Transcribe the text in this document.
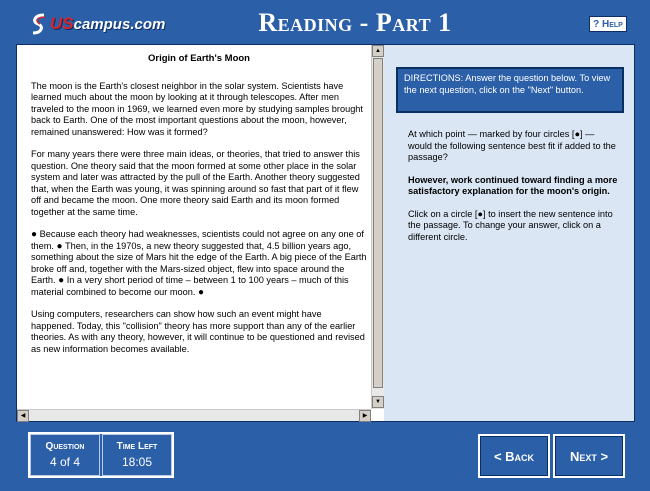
UScampus.com	Reading - Part 1	? Help
Origin of Earth's Moon

The moon is the Earth's closest neighbor in the solar system. Scientists have learned much about the moon by looking at it through telescopes. After men traveled to the moon in 1969, we learned even more by studying samples brought back to Earth. One of the most important questions about the moon, however, remained unanswered: How was it formed?

For many years there were three main ideas, or theories, that tried to answer this question. One theory said that the moon formed at some other place in the solar system and later was attracted by the pull of the Earth. Another theory suggested that, when the Earth was young, it was spinning around so fast that part of it flew off and became the moon. One more theory said Earth and its moon formed together at the same time.

● Because each theory had weaknesses, scientists could not agree on any one of them. ● Then, in the 1970s, a new theory suggested that, 4.5 billion years ago, something about the size of Mars hit the edge of the Earth. A big piece of the Earth broke off and, together with the Mars-sized object, flew into space around the Earth. ● In a very short period of time – between 1 to 100 years – much of this material combined to become our moon. ●

Using computers, researchers can show how such an event might have happened. Today, this "collision" theory has more support than any of the earlier theories. As with any theory, however, it will continue to be questioned and revised as new information becomes available.

▲
▼
◀	▶
DIRECTIONS: Answer the question below. To view the next question, click on the "Next" button.

At which point — marked by four circles [●] — would the following sentence best fit if added to the passage?

However, work continued toward finding a more satisfactory explanation for the moon's origin.

Click on a circle [●] to insert the new sentence into the passage. To change your answer, click on a different circle.

Question
4 of 4
Time Left
18:05	< Back	Next >
